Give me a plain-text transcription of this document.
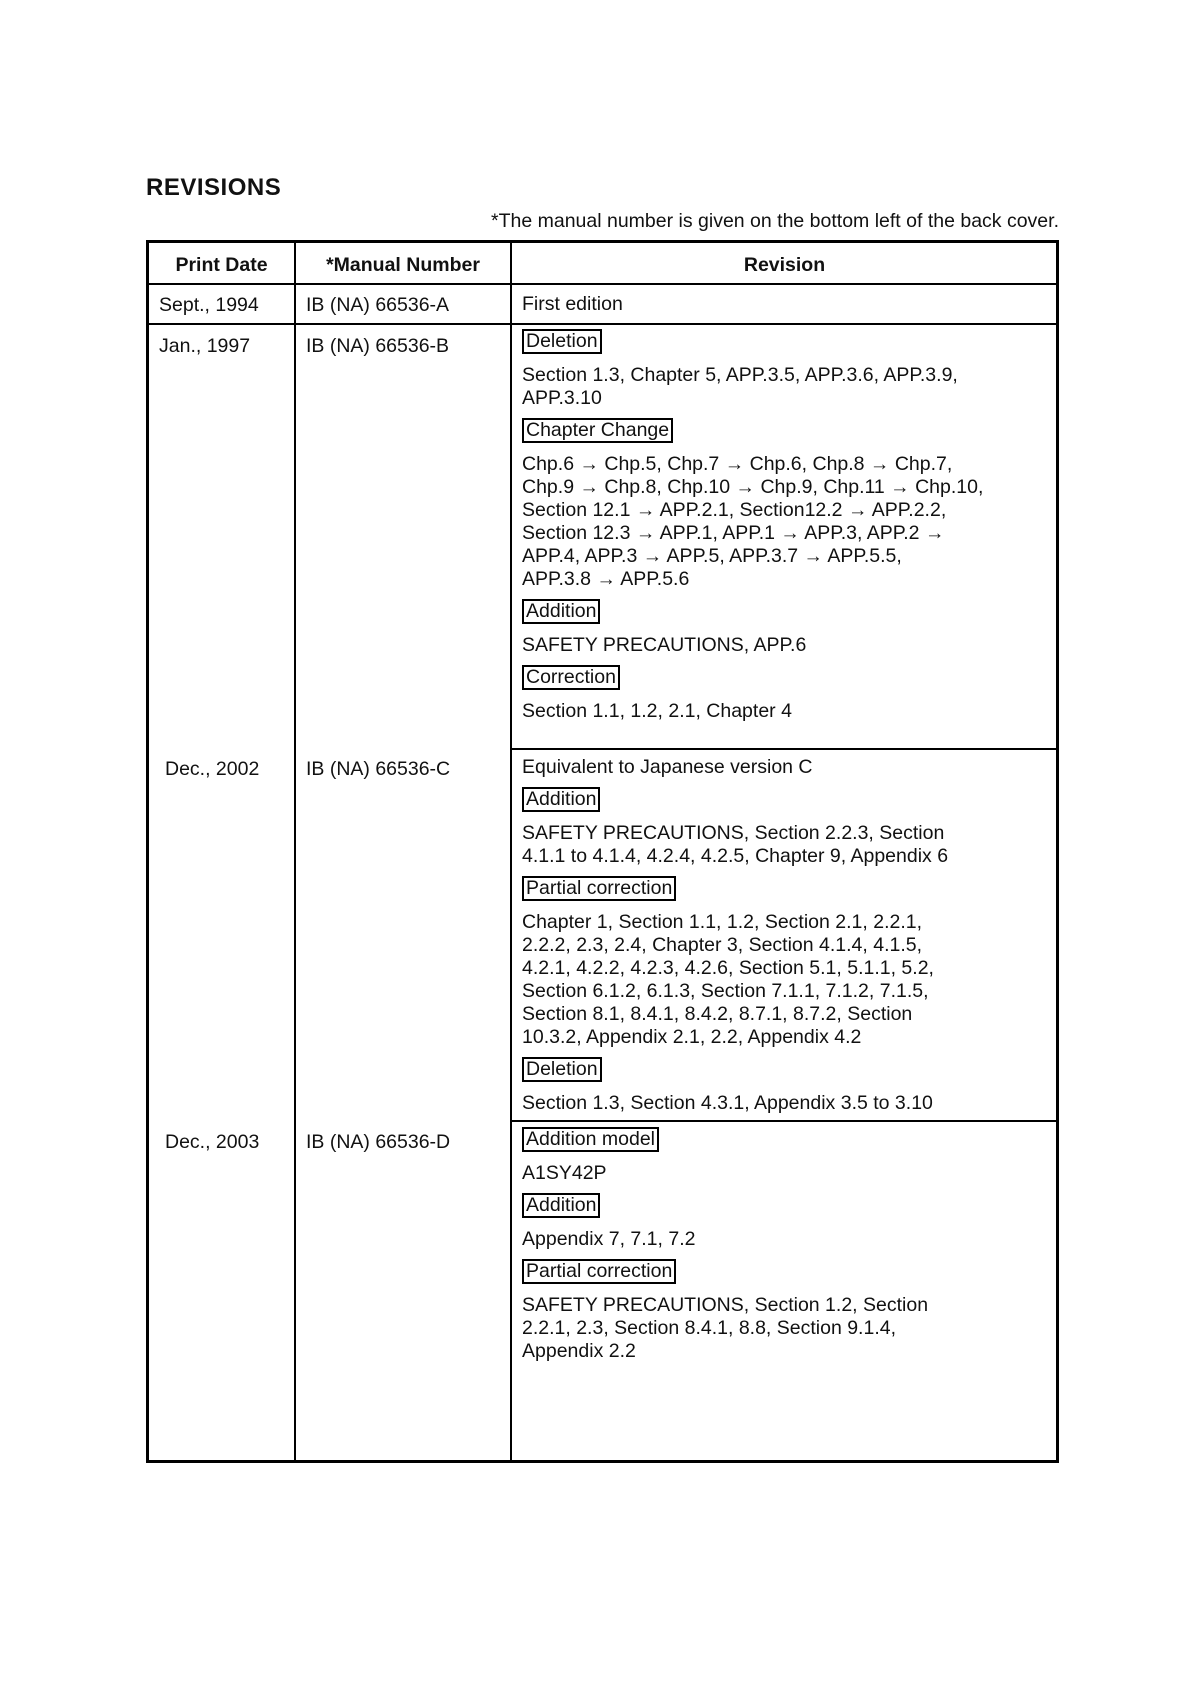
REVISIONS
*The manual number is given on the bottom left of the back cover.
Print Date	*Manual Number	Revision
Sept., 1994 IB (NA) 66536-A	First edition
Jan., 1997	IB (NA) 66536-B	Deletion
Section 1.3, Chapter 5, APP.3.5, APP.3.6, APP.3.9,
APP.3.10
Chapter Change
Chp.6 → Chp.5, Chp.7 → Chp.6, Chp.8 → Chp.7,
Chp.9 → Chp.8, Chp.10 → Chp.9, Chp.11 → Chp.10,
Section 12.1 → APP.2.1, Section12.2 → APP.2.2,
Section 12.3 → APP.1, APP.1 → APP.3, APP.2 →
APP.4, APP.3 → APP.5, APP.3.7 → APP.5.5,
APP.3.8 → APP.5.6
Addition
SAFETY PRECAUTIONS, APP.6
Correction
Section 1.1, 1.2, 2.1, Chapter 4
Dec., 2002 IB (NA) 66536-C	Equivalent to Japanese version C
Addition
SAFETY PRECAUTIONS, Section 2.2.3, Section
4.1.1 to 4.1.4, 4.2.4, 4.2.5, Chapter 9, Appendix 6
Partial correction
Chapter 1, Section 1.1, 1.2, Section 2.1, 2.2.1,
2.2.2, 2.3, 2.4, Chapter 3, Section 4.1.4, 4.1.5,
4.2.1, 4.2.2, 4.2.3, 4.2.6, Section 5.1, 5.1.1, 5.2,
Section 6.1.2, 6.1.3, Section 7.1.1, 7.1.2, 7.1.5,
Section 8.1, 8.4.1, 8.4.2, 8.7.1, 8.7.2, Section
10.3.2, Appendix 2.1, 2.2, Appendix 4.2
Deletion
Section 1.3, Section 4.3.1, Appendix 3.5 to 3.10
Dec., 2003 IB (NA) 66536-D	Addition model
A1SY42P
Addition
Appendix 7, 7.1, 7.2
Partial correction
SAFETY PRECAUTIONS, Section 1.2, Section
2.2.1, 2.3, Section 8.4.1, 8.8, Section 9.1.4,
Appendix 2.2
